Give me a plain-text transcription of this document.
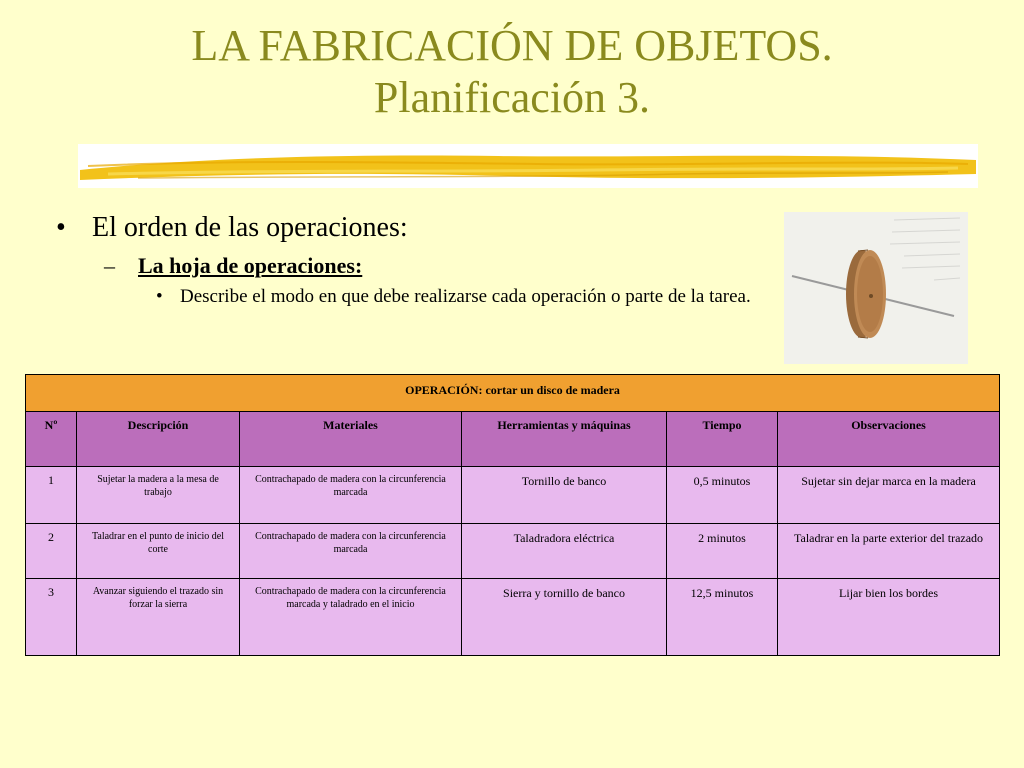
LA FABRICACIÓN DE OBJETOS.
Planificación 3.
• El orden de las operaciones:
–	La hoja de operaciones:
• Describe el modo en que debe realizarse cada operación o parte de la tarea.
OPERACIÓN: cortar un disco de madera					
Nº	Descripción	Materiales	Herramientas y máquinas	Tiempo	Observaciones
1	Sujetar la madera a la mesa de trabajo	Contrachapado de madera con la circunferencia marcada	Tornillo de banco	0,5 minutos	Sujetar sin dejar marca en la madera
2	Taladrar en el punto de inicio del corte	Contrachapado de madera con la circunferencia marcada	Taladradora eléctrica	2 minutos	Taladrar en la parte exterior del trazado
3	Avanzar siguiendo el trazado sin forzar la sierra	Contrachapado de madera con la circunferencia marcada y taladrado en el inicio	Sierra y tornillo de banco	12,5 minutos	Lijar bien los bordes
